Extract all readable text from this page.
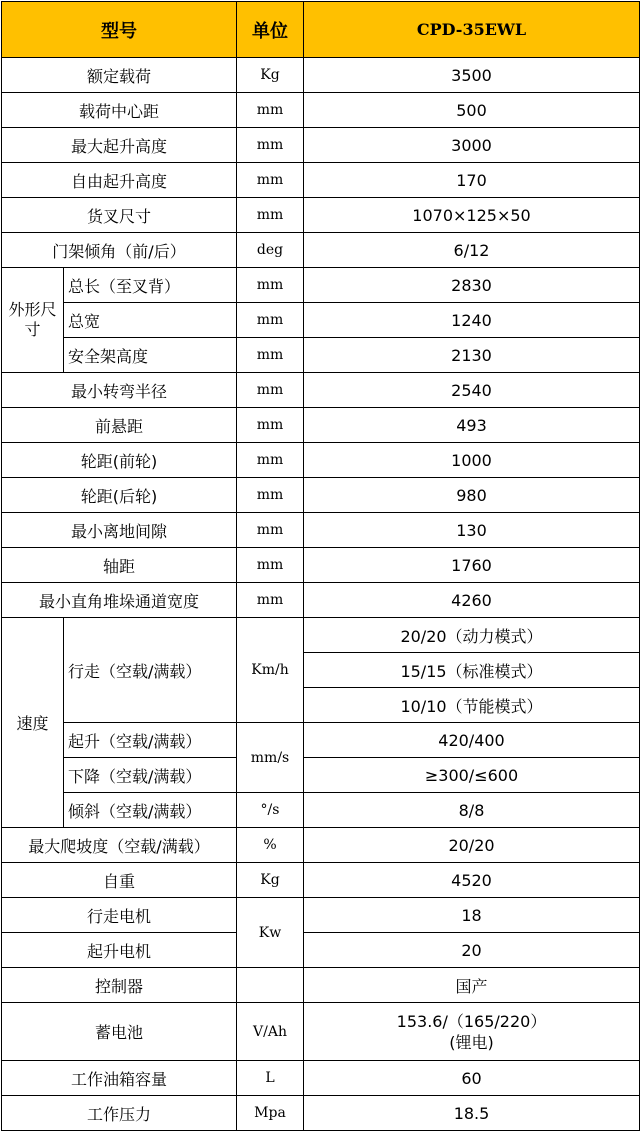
型号		单位	CPD-35EWL
额定载荷		Kg	3500
载荷中心距		mm	500
最大起升高度		mm	3000
自由起升高度		mm	170
货叉尺寸		mm	1070×125×50
门架倾角（前/后）		deg	6/12
外形尺寸	总长（至叉背）	mm	2830
	总宽	mm	1240
	安全架高度	mm	2130
最小转弯半径		mm	2540
前悬距		mm	493
轮距(前轮)		mm	1000
轮距(后轮)		mm	980
最小离地间隙		mm	130
轴距		mm	1760
最小直角堆垛通道宽度		mm	4260
速度	行走（空载/满载）	Km/h	20/20（动力模式）
			15/15（标准模式）
			10/10（节能模式）
	起升（空载/满载）	mm/s	420/400
	下降（空载/满载）		≥300/≤600
	倾斜（空载/满载）	°/s	8/8
最大爬坡度（空载/满载）		%	20/20
自重		Kg	4520
行走电机		Kw	18
起升电机			20
控制器			国产
蓄电池		V/Ah	153.6/（165/220）
(锂电)

工作油箱容量		L	60
工作压力		Mpa	18.5
